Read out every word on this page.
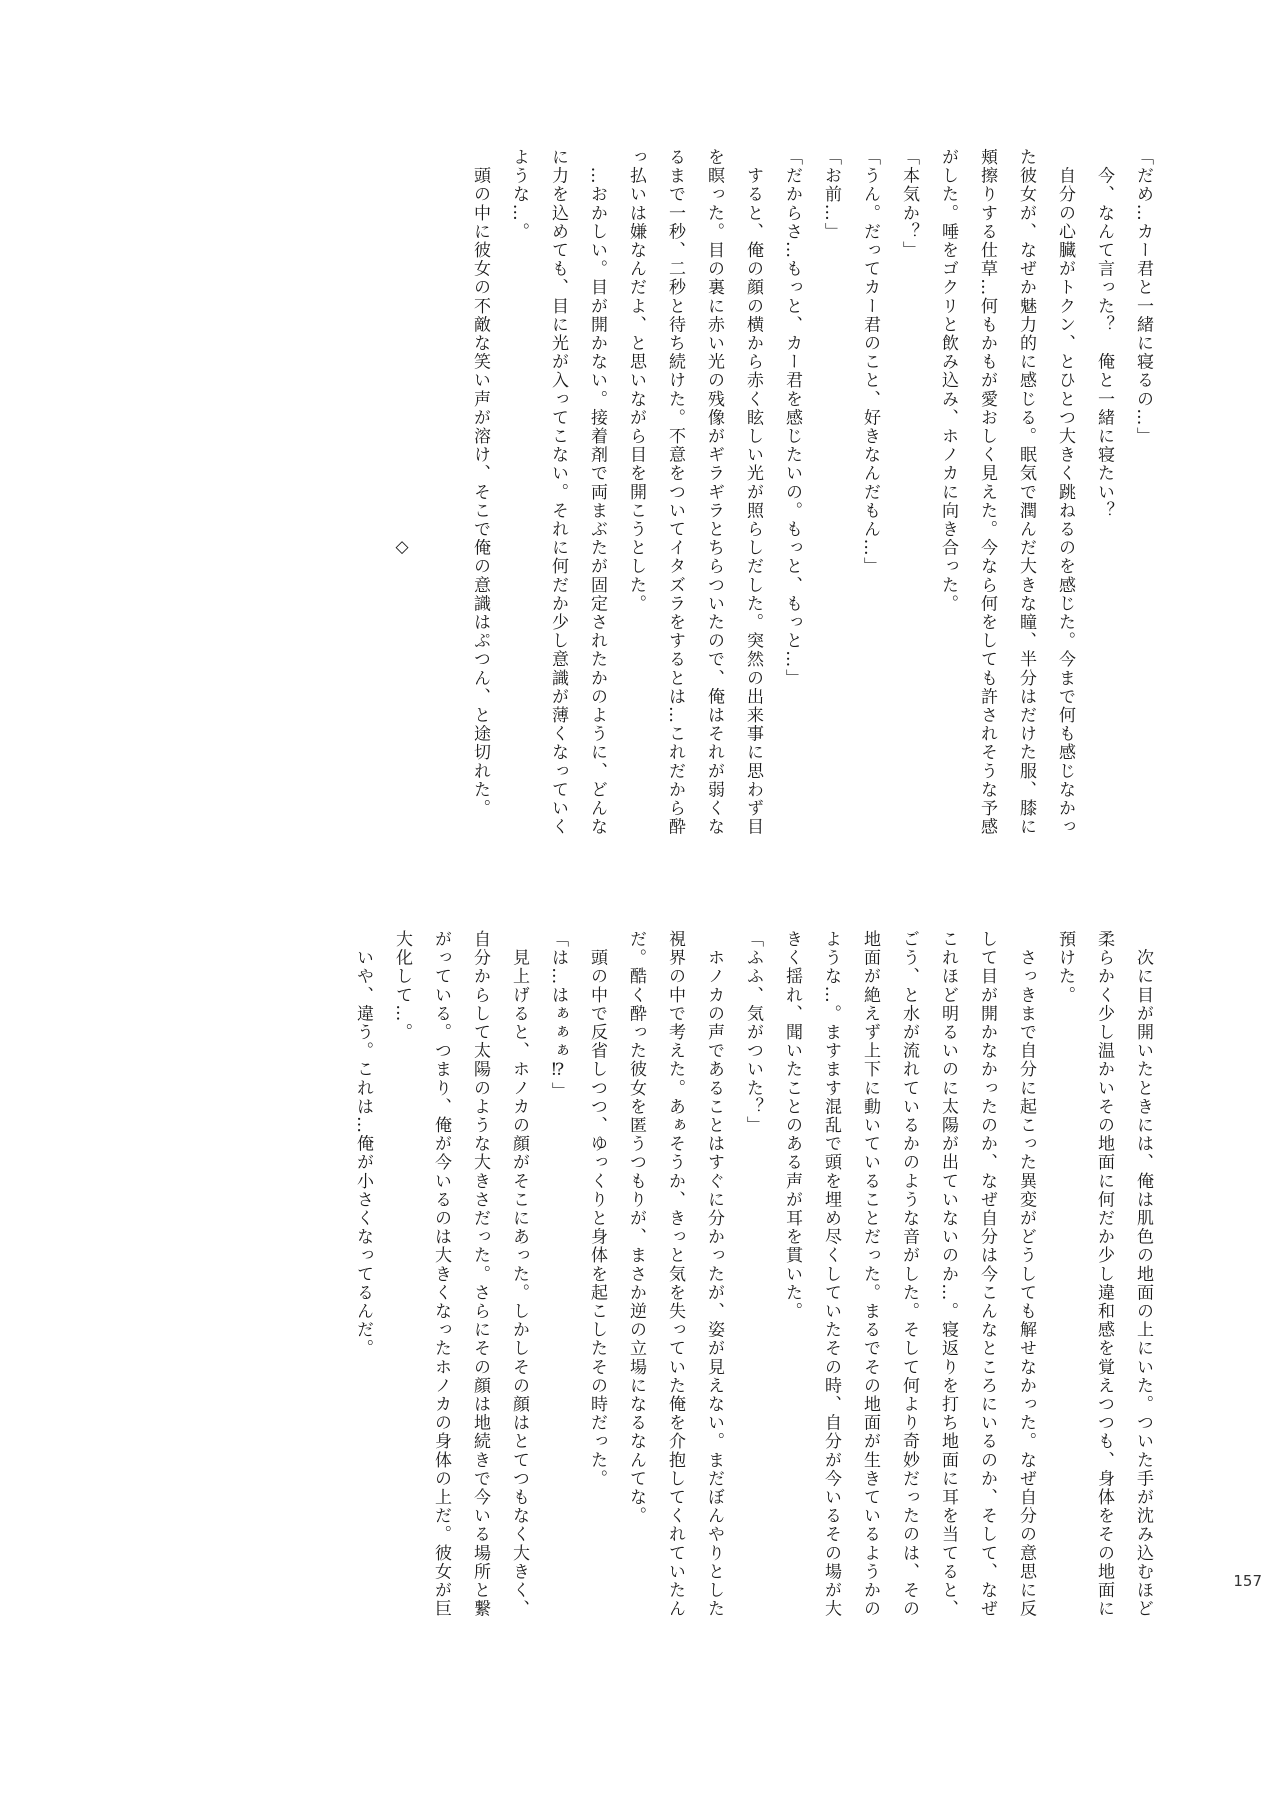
「だめ…カー君と一緒に寝るの…」
　今、なんて言った？　俺と一緒に寝たい？
　自分の心臓がトクン、とひとつ大きく跳ねるのを感じた。今まで何も感じなかっ
た彼女が、なぜか魅力的に感じる。眠気で潤んだ大きな瞳、半分はだけた服、膝に
頬擦りする仕草…何もかもが愛おしく見えた。今なら何をしても許されそうな予感
がした。唾をゴクリと飲み込み、ホノカに向き合った。
「本気か？」
「うん。だってカー君のこと、好きなんだもん…」
「お前…」
「だからさ…もっと、カー君を感じたいの。もっと、もっと…」
　すると、俺の顔の横から赤く眩しい光が照らしだした。突然の出来事に思わず目
を瞑った。目の裏に赤い光の残像がギラギラとちらついたので、俺はそれが弱くな
るまで一秒、二秒と待ち続けた。不意をついてイタズラをするとは…これだから酔
っ払いは嫌なんだよ、と思いながら目を開こうとした。
　…おかしい。目が開かない。接着剤で両まぶたが固定されたかのように、どんな
に力を込めても、目に光が入ってこない。それに何だか少し意識が薄くなっていく
ような…。
　頭の中に彼女の不敵な笑い声が溶け、そこで俺の意識はぷつん、と途切れた。
◇
　次に目が開いたときには、俺は肌色の地面の上にいた。ついた手が沈み込むほど
柔らかく少し温かいその地面に何だか少し違和感を覚えつつも、身体をその地面に
預けた。
　さっきまで自分に起こった異変がどうしても解せなかった。なぜ自分の意思に反
して目が開かなかったのか、なぜ自分は今こんなところにいるのか、そして、なぜ
これほど明るいのに太陽が出ていないのか…。寝返りを打ち地面に耳を当てると、
ごう、と水が流れているかのような音がした。そして何より奇妙だったのは、その
地面が絶えず上下に動いていることだった。まるでその地面が生きているようかの
ような…。ますます混乱で頭を埋め尽くしていたその時、自分が今いるその場が大
きく揺れ、聞いたことのある声が耳を貫いた。
「ふふ、気がついた？」
　ホノカの声であることはすぐに分かったが、姿が見えない。まだぼんやりとした
視界の中で考えた。あぁそうか、きっと気を失っていた俺を介抱してくれていたん
だ。酷く酔った彼女を匿うつもりが、まさか逆の立場になるなんてな。
　頭の中で反省しつつ、ゆっくりと身体を起こしたその時だった。
「は…はぁぁぁ⁉」
　見上げると、ホノカの顔がそこにあった。しかしその顔はとてつもなく大きく、
自分からして太陽のような大きさだった。さらにその顔は地続きで今いる場所と繋
がっている。つまり、俺が今いるのは大きくなったホノカの身体の上だ。彼女が巨
大化して…。
　いや、違う。これは…俺が小さくなってるんだ。
157
